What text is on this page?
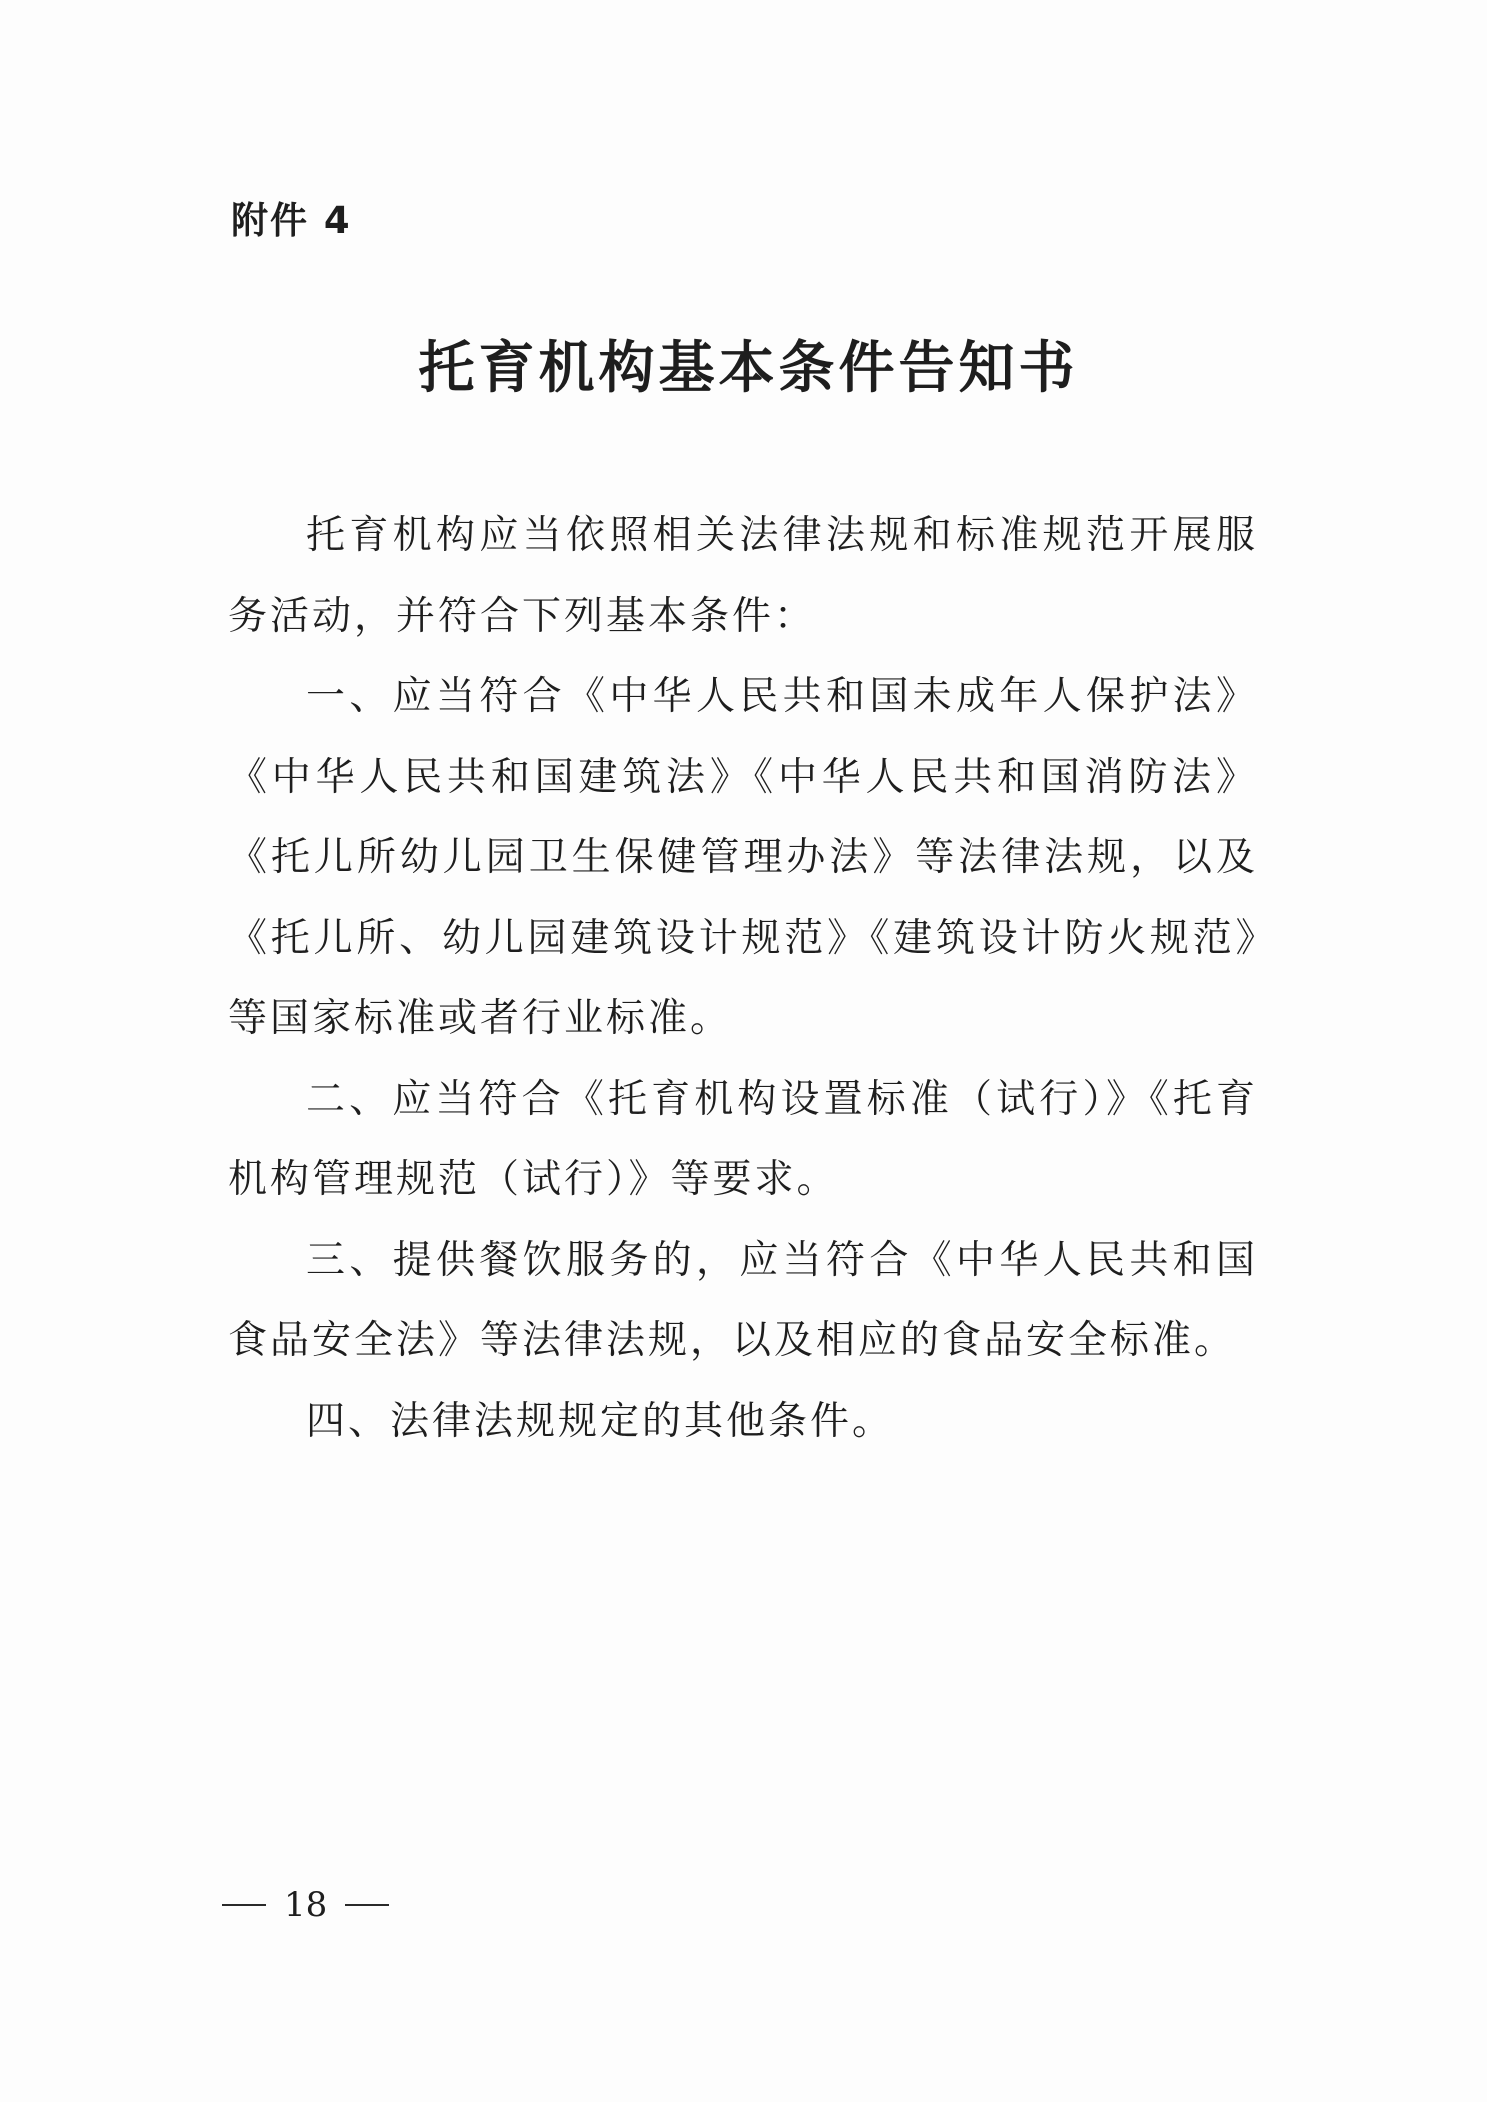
附件 4
托育机构基本条件告知书

托育机构应当依照相关法律法规和标准规范开展服务活动，并符合下列基本条件：

一、应当符合《中华人民共和国未成年人保护法》《中华人民共和国建筑法》《中华人民共和国消防法》《托儿所幼儿园卫生保健管理办法》等法律法规，以及《托儿所、幼儿园建筑设计规范》《建筑设计防火规范》等国家标准或者行业标准。

二、应当符合《托育机构设置标准（试行）》《托育机构管理规范（试行）》等要求。

三、提供餐饮服务的，应当符合《中华人民共和国食品安全法》等法律法规，以及相应的食品安全标准。

四、法律法规规定的其他条件。

18
